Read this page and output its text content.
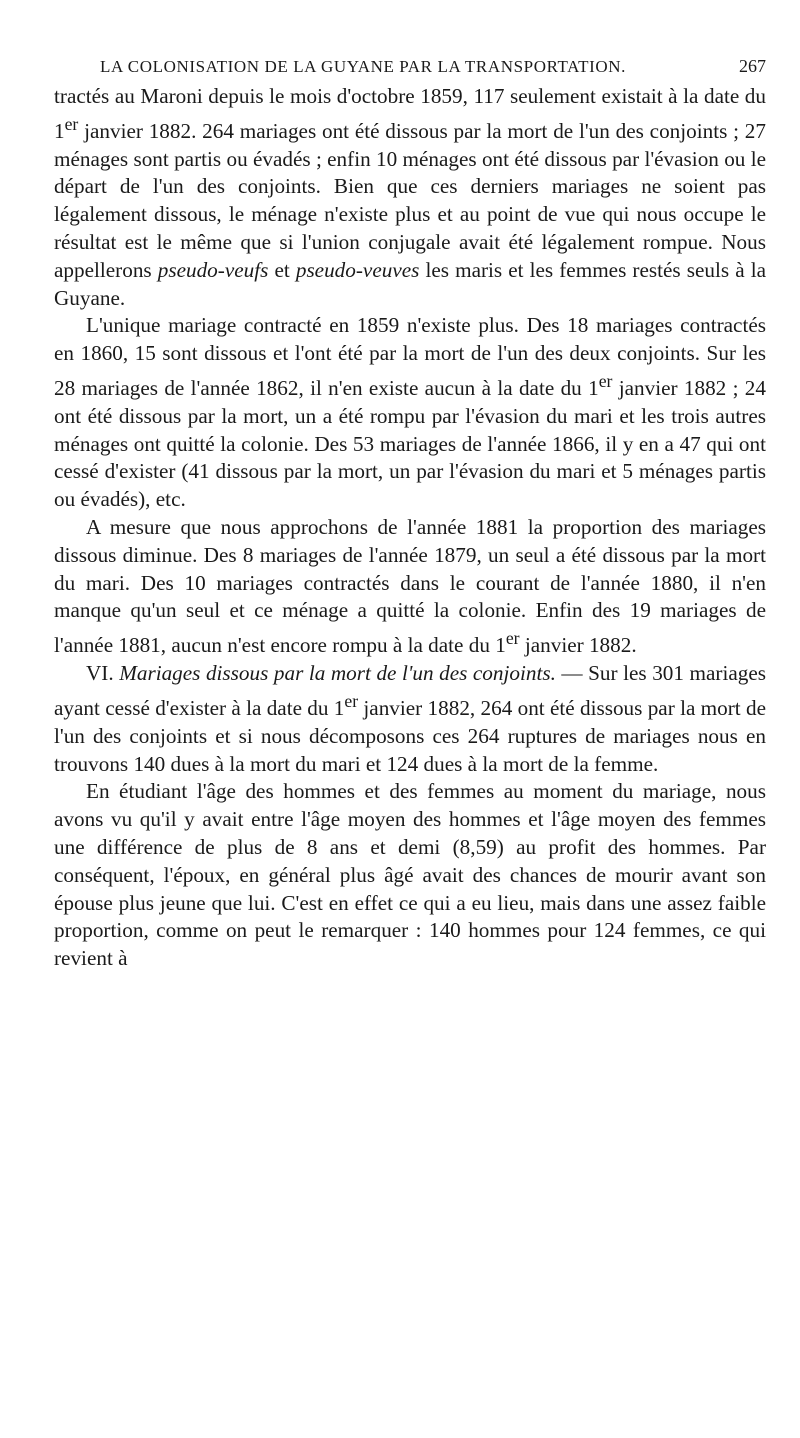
LA COLONISATION DE LA GUYANE PAR LA TRANSPORTATION.	267

tractés au Maroni depuis le mois d'octobre 1859, 117 seulement existait à la date du 1er janvier 1882. 264 mariages ont été dissous par la mort de l'un des conjoints ; 27 ménages sont partis ou évadés ; enfin 10 ménages ont été dissous par l'évasion ou le départ de l'un des conjoints. Bien que ces derniers mariages ne soient pas légalement dissous, le ménage n'existe plus et au point de vue qui nous occupe le résultat est le même que si l'union conjugale avait été légalement rompue. Nous appellerons pseudo-veufs et pseudo-veuves les maris et les femmes restés seuls à la Guyane.

L'unique mariage contracté en 1859 n'existe plus. Des 18 mariages contractés en 1860, 15 sont dissous et l'ont été par la mort de l'un des deux conjoints. Sur les 28 mariages de l'année 1862, il n'en existe aucun à la date du 1er janvier 1882 ; 24 ont été dissous par la mort, un a été rompu par l'évasion du mari et les trois autres ménages ont quitté la colonie. Des 53 mariages de l'année 1866, il y en a 47 qui ont cessé d'exister (41 dissous par la mort, un par l'évasion du mari et 5 ménages partis ou évadés), etc.

A mesure que nous approchons de l'année 1881 la proportion des mariages dissous diminue. Des 8 mariages de l'année 1879, un seul a été dissous par la mort du mari. Des 10 mariages contractés dans le courant de l'année 1880, il n'en manque qu'un seul et ce ménage a quitté la colonie. Enfin des 19 mariages de l'année 1881, aucun n'est encore rompu à la date du 1er janvier 1882.

VI. Mariages dissous par la mort de l'un des conjoints. — Sur les 301 mariages ayant cessé d'exister à la date du 1er janvier 1882, 264 ont été dissous par la mort de l'un des conjoints et si nous décomposons ces 264 ruptures de mariages nous en trouvons 140 dues à la mort du mari et 124 dues à la mort de la femme.

En étudiant l'âge des hommes et des femmes au moment du mariage, nous avons vu qu'il y avait entre l'âge moyen des hommes et l'âge moyen des femmes une différence de plus de 8 ans et demi (8,59) au profit des hommes. Par conséquent, l'époux, en général plus âgé avait des chances de mourir avant son épouse plus jeune que lui. C'est en effet ce qui a eu lieu, mais dans une assez faible proportion, comme on peut le remarquer : 140 hommes pour 124 femmes, ce qui revient à
